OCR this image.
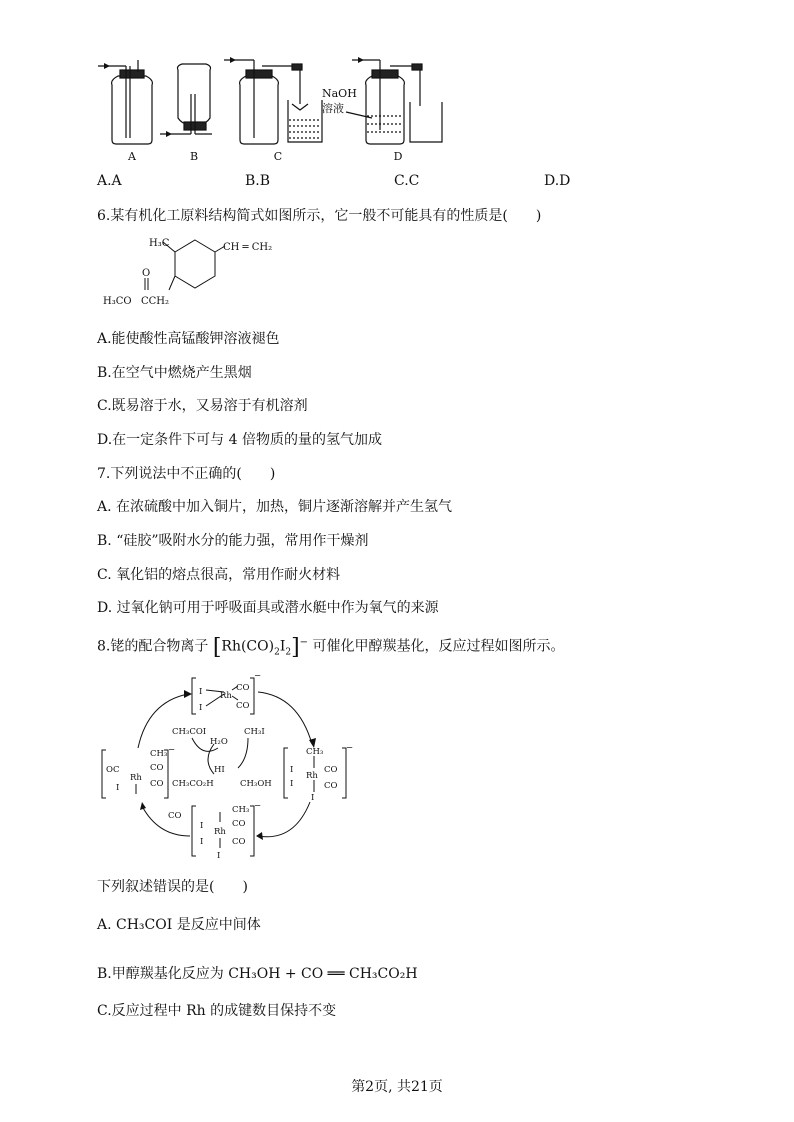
A	B	C	D
NaOH
溶液
A.A	B.B	C.C	D.D
6.某有机化工原料结构简式如图所示，它一般不可能具有的性质是(　　)
H₃C	CH ═ CH₂
O
H₃CO CCH₂
A.能使酸性高锰酸钾溶液褪色
B.在空气中燃烧产生黑烟
C.既易溶于水，又易溶于有机溶剂
D.在一定条件下可与 4 倍物质的量的氢气加成
7.下列说法中不正确的(　　)
A. 在浓硫酸中加入铜片，加热，铜片逐渐溶解并产生氢气
B. “硅胶”吸附水分的能力强，常用作干燥剂
C. 氧化铝的熔点很高，常用作耐火材料
D. 过氧化钠可用于呼吸面具或潜水艇中作为氧气的来源
8.铑的配合物离子 $[Rh(CO)_2I_2]^-$ 可催化甲醇羰基化，反应过程如图所示。
I
I
Rh
CO
CO
−
CH₃COI	CH₃I
H₂O
HI
CH₃CO₂H	CH₃OH
OC
CH₃
CO
CO
Rh
I
−	CH₃
Rh
I
I
CO
CO
I
−
CO
CH₃
CO
CO
Rh
I
I
I
−
下列叙述错误的是(　　)
A. CH₃COI 是反应中间体
B.甲醇羰基化反应为 CH₃OH + CO ══ CH₃CO₂H
C.反应过程中 Rh 的成键数目保持不变
第2页, 共21页
